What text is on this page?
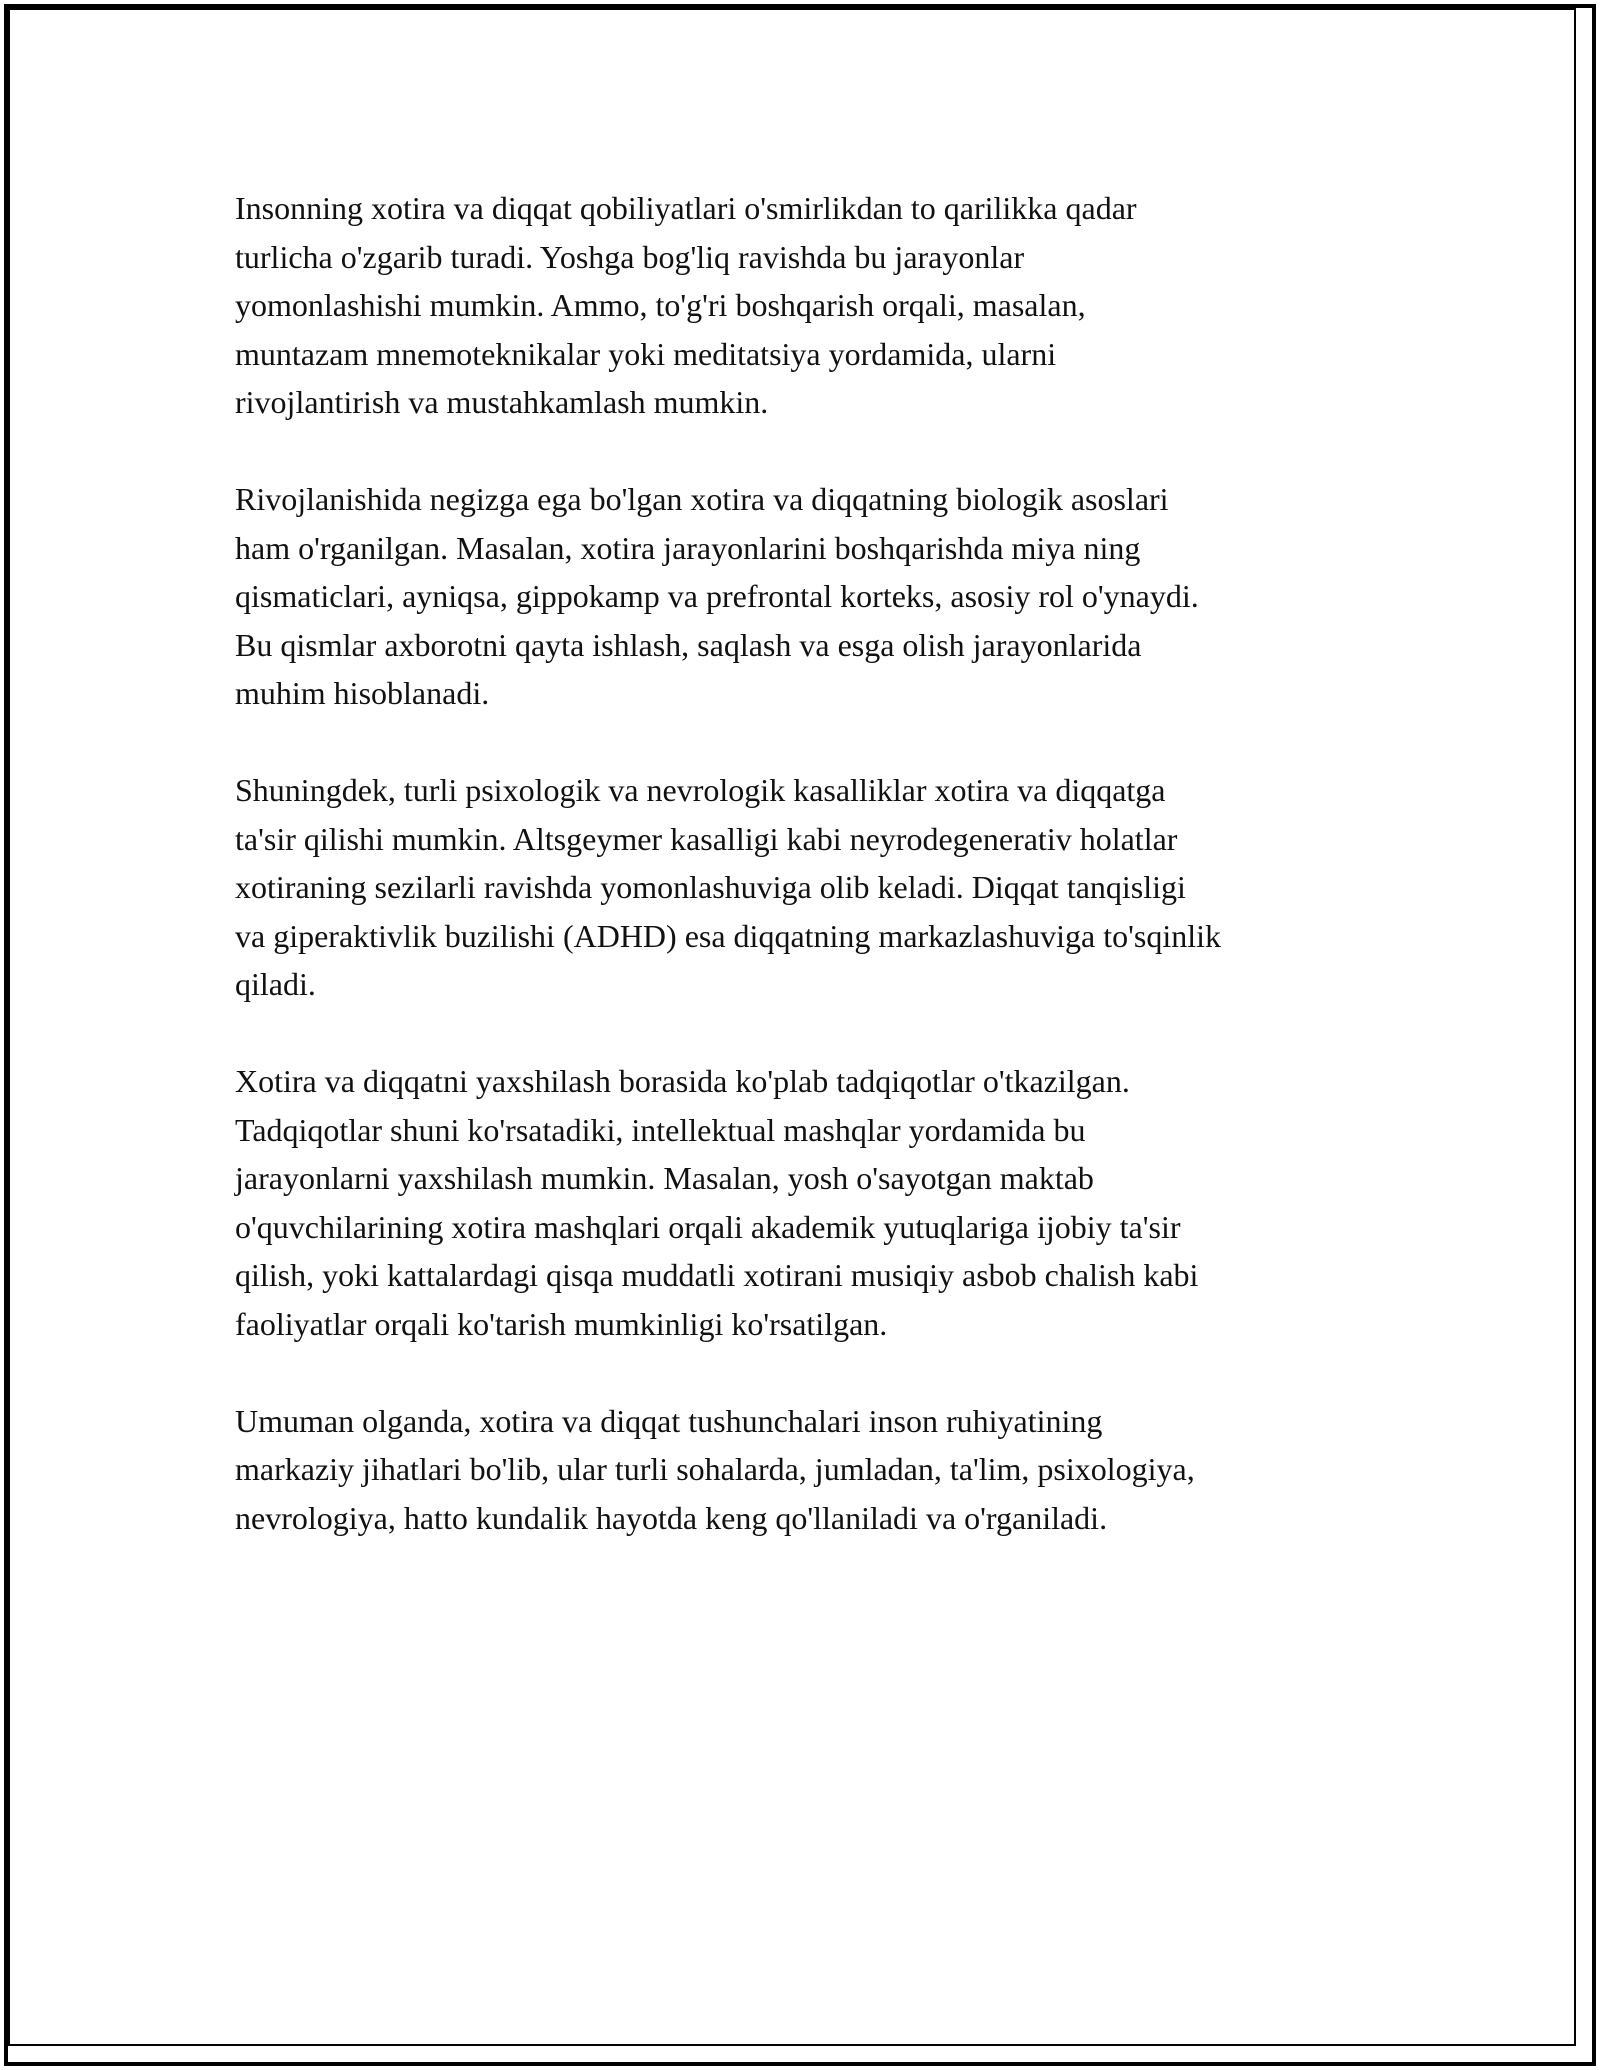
Insonning xotira va diqqat qobiliyatlari o'smirlikdan to qarilikka qadar
turlicha o'zgarib turadi. Yoshga bog'liq ravishda bu jarayonlar
yomonlashishi mumkin. Ammo, to'g'ri boshqarish orqali, masalan,
muntazam mnemoteknikalar yoki meditatsiya yordamida, ularni
rivojlantirish va mustahkamlash mumkin.

Rivojlanishida negizga ega bo'lgan xotira va diqqatning biologik asoslari
ham o'rganilgan. Masalan, xotira jarayonlarini boshqarishda miya ning
qismaticlari, ayniqsa, gippokamp va prefrontal korteks, asosiy rol o'ynaydi.
Bu qismlar axborotni qayta ishlash, saqlash va esga olish jarayonlarida
muhim hisoblanadi.

Shuningdek, turli psixologik va nevrologik kasalliklar xotira va diqqatga
ta'sir qilishi mumkin. Altsgeymer kasalligi kabi neyrodegenerativ holatlar
xotiraning sezilarli ravishda yomonlashuviga olib keladi. Diqqat tanqisligi
va giperaktivlik buzilishi (ADHD) esa diqqatning markazlashuviga to'sqinlik
qiladi.

Xotira va diqqatni yaxshilash borasida ko'plab tadqiqotlar o'tkazilgan.
Tadqiqotlar shuni ko'rsatadiki, intellektual mashqlar yordamida bu
jarayonlarni yaxshilash mumkin. Masalan, yosh o'sayotgan maktab
o'quvchilarining xotira mashqlari orqali akademik yutuqlariga ijobiy ta'sir
qilish, yoki kattalardagi qisqa muddatli xotirani musiqiy asbob chalish kabi
faoliyatlar orqali ko'tarish mumkinligi ko'rsatilgan.

Umuman olganda, xotira va diqqat tushunchalari inson ruhiyatining
markaziy jihatlari bo'lib, ular turli sohalarda, jumladan, ta'lim, psixologiya,
nevrologiya, hatto kundalik hayotda keng qo'llaniladi va o'rganiladi.
